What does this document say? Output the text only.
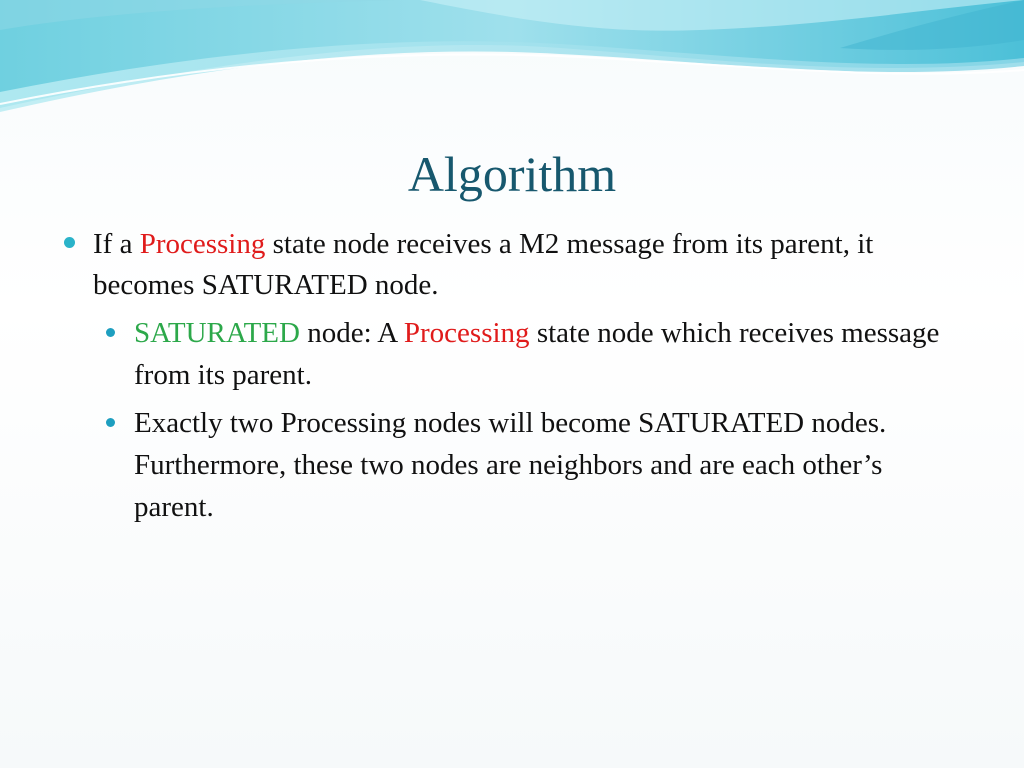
Algorithm
If a Processing state node receives a M2 message from its parent, it becomes SATURATED node.
SATURATED node: A Processing state node which receives message from its parent.
Exactly two Processing nodes will become SATURATED nodes. Furthermore, these two nodes are neighbors and are each other’s parent.
